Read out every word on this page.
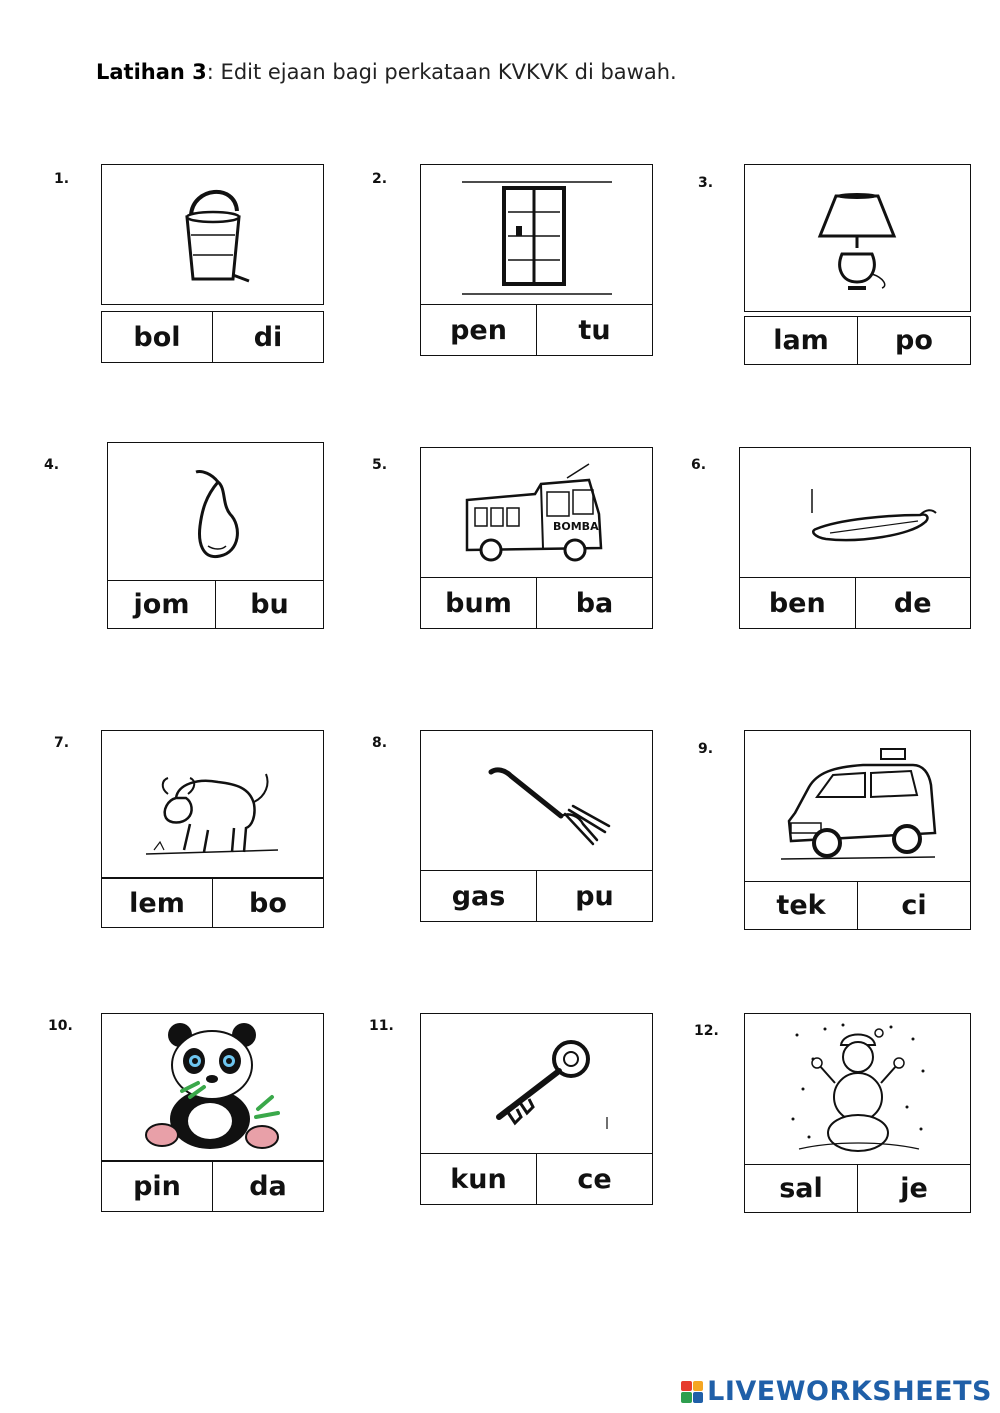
Latihan 3: Edit ejaan bagi perkataan KVKVK di bawah.
1.
bol	di
2.
pen	tu
3.
lam	po
4.
jom	bu
5.
BOMBA
bum	ba
6.
ben	de
7.
lem	bo
8.
gas	pu
9.
tek	ci
10.
pin	da
11.
kun	ce
12.
sal	je
LIVEWORKSHEETS
